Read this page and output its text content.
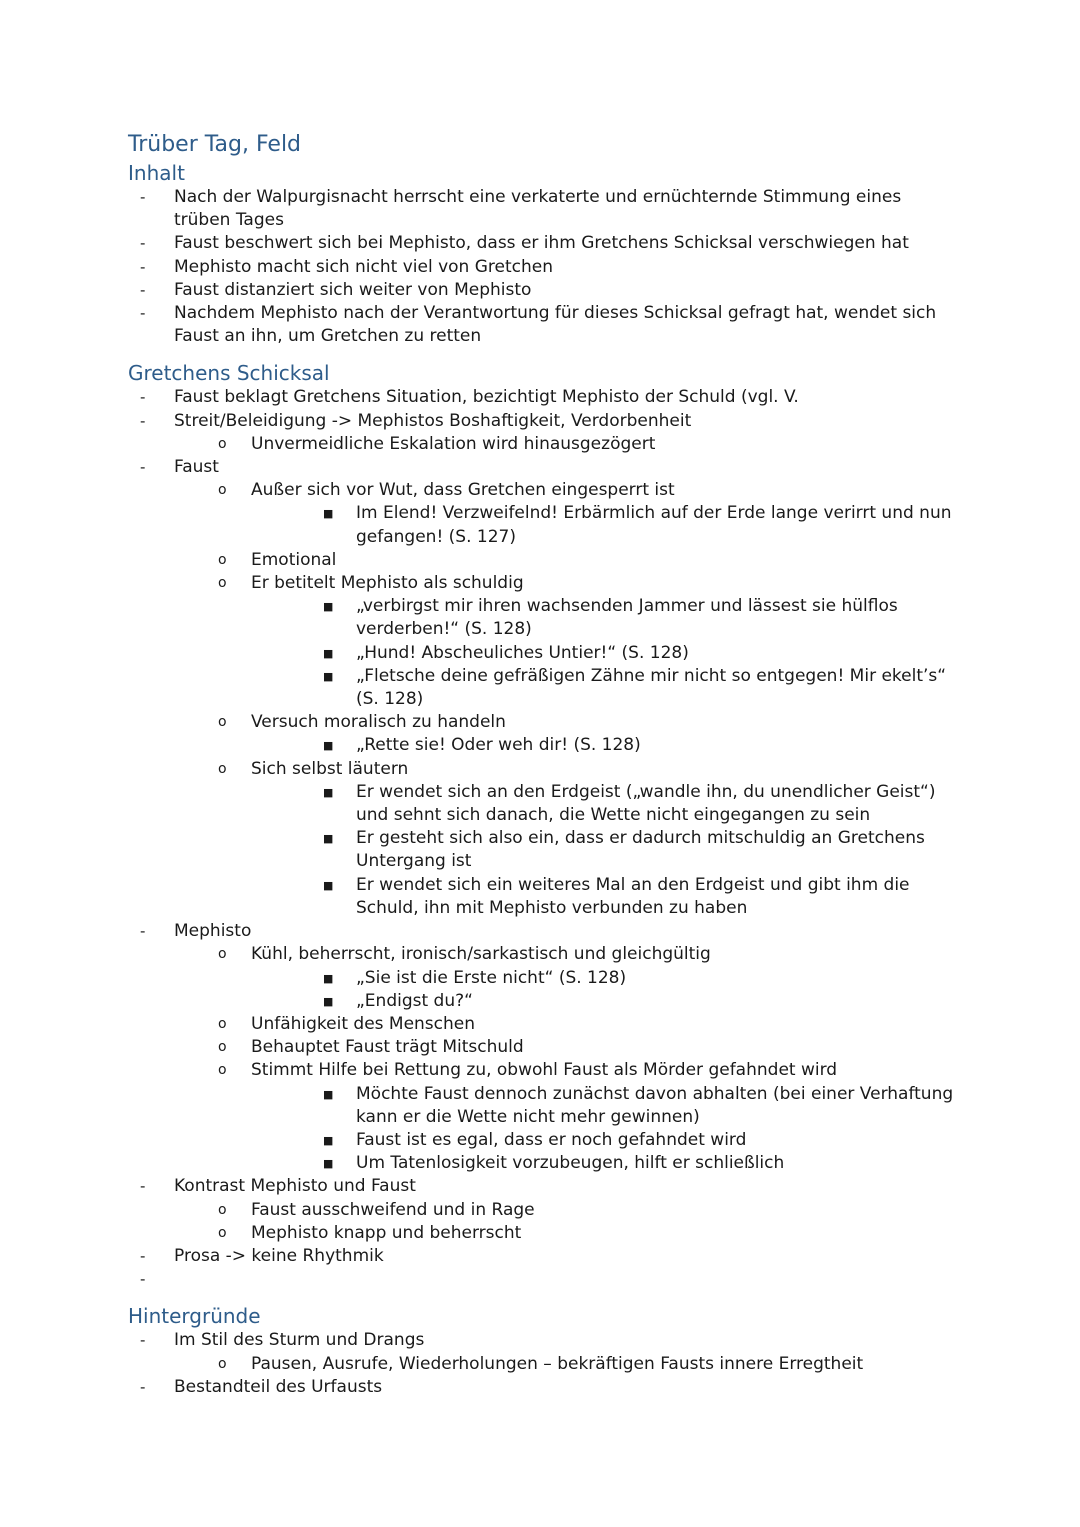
Trüber Tag, Feld
Inhalt
- Nach der Walpurgisnacht herrscht eine verkaterte und ernüchternde Stimmung eines trüben Tages
- Faust beschwert sich bei Mephisto, dass er ihm Gretchens Schicksal verschwiegen hat
- Mephisto macht sich nicht viel von Gretchen
- Faust distanziert sich weiter von Mephisto
- Nachdem Mephisto nach der Verantwortung für dieses Schicksal gefragt hat, wendet sich Faust an ihn, um Gretchen zu retten
Gretchens Schicksal
- Faust beklagt Gretchens Situation, bezichtigt Mephisto der Schuld (vgl. V.
- Streit/Beleidigung -> Mephistos Boshaftigkeit, Verdorbenheit
o Unvermeidliche Eskalation wird hinausgezögert
- Faust
o Außer sich vor Wut, dass Gretchen eingesperrt ist
■ Im Elend! Verzweifelnd! Erbärmlich auf der Erde lange verirrt und nun gefangen! (S. 127)
o Emotional
o Er betitelt Mephisto als schuldig
■ „verbirgst mir ihren wachsenden Jammer und lässest sie hülflos verderben!“ (S. 128)
■ „Hund! Abscheuliches Untier!“ (S. 128)
■ „Fletsche deine gefräßigen Zähne mir nicht so entgegen! Mir ekelt’s“ (S. 128)
o Versuch moralisch zu handeln
■ „Rette sie! Oder weh dir! (S. 128)
o Sich selbst läutern
■ Er wendet sich an den Erdgeist („wandle ihn, du unendlicher Geist“) und sehnt sich danach, die Wette nicht eingegangen zu sein
■ Er gesteht sich also ein, dass er dadurch mitschuldig an Gretchens Untergang ist
■ Er wendet sich ein weiteres Mal an den Erdgeist und gibt ihm die Schuld, ihn mit Mephisto verbunden zu haben
- Mephisto
o Kühl, beherrscht, ironisch/sarkastisch und gleichgültig
■ „Sie ist die Erste nicht“ (S. 128)
■ „Endigst du?“
o Unfähigkeit des Menschen
o Behauptet Faust trägt Mitschuld
o Stimmt Hilfe bei Rettung zu, obwohl Faust als Mörder gefahndet wird
■ Möchte Faust dennoch zunächst davon abhalten (bei einer Verhaftung kann er die Wette nicht mehr gewinnen)
■ Faust ist es egal, dass er noch gefahndet wird
■ Um Tatenlosigkeit vorzubeugen, hilft er schließlich
- Kontrast Mephisto und Faust
o Faust ausschweifend und in Rage
o Mephisto knapp und beherrscht
- Prosa -> keine Rhythmik
-

Hintergründe
- Im Stil des Sturm und Drangs
o Pausen, Ausrufe, Wiederholungen – bekräftigen Fausts innere Erregtheit
- Bestandteil des Urfausts
